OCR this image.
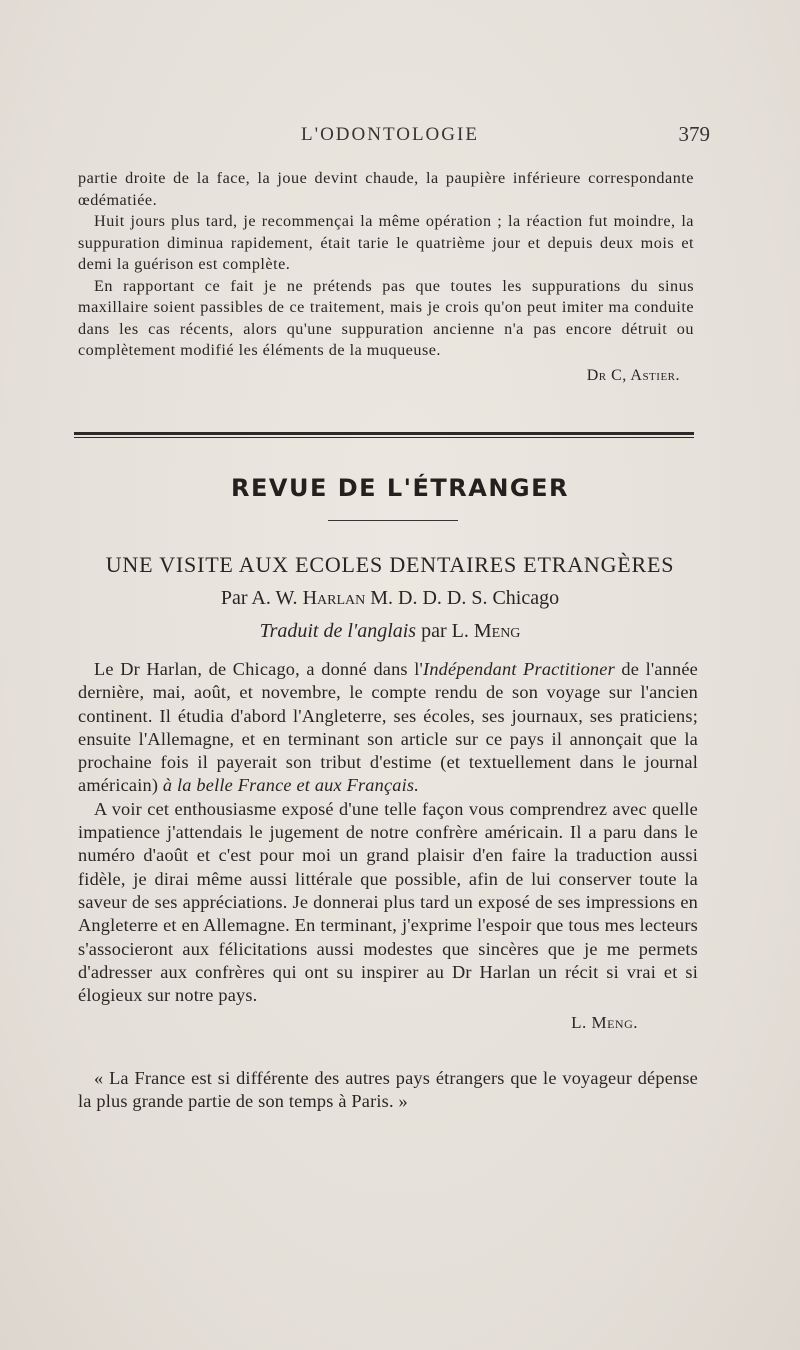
L'ODONTOLOGIE	379

partie droite de la face, la joue devint chaude, la paupière inférieure correspondante œdématiée.

Huit jours plus tard, je recommençai la même opération ; la réaction fut moindre, la suppuration diminua rapidement, était tarie le quatrième jour et depuis deux mois et demi la guérison est complète.

En rapportant ce fait je ne prétends pas que toutes les suppurations du sinus maxillaire soient passibles de ce traitement, mais je crois qu'on peut imiter ma conduite dans les cas récents, alors qu'une suppuration ancienne n'a pas encore détruit ou complètement modifié les éléments de la muqueuse.

Dr C, Astier.
REVUE DE L'ÉTRANGER
UNE VISITE AUX ECOLES DENTAIRES ETRANGÈRES
Par A. W. Harlan M. D. D. D. S. Chicago
Traduit de l'anglais par L. Meng

Le Dr Harlan, de Chicago, a donné dans l'Indépendant Practitioner de l'année dernière, mai, août, et novembre, le compte rendu de son voyage sur l'ancien continent. Il étudia d'abord l'Angleterre, ses écoles, ses journaux, ses praticiens; ensuite l'Allemagne, et en terminant son article sur ce pays il annonçait que la prochaine fois il payerait son tribut d'estime (et textuellement dans le journal américain) à la belle France et aux Français.

A voir cet enthousiasme exposé d'une telle façon vous comprendrez avec quelle impatience j'attendais le jugement de notre confrère américain. Il a paru dans le numéro d'août et c'est pour moi un grand plaisir d'en faire la traduction aussi fidèle, je dirai même aussi littérale que possible, afin de lui conserver toute la saveur de ses appréciations. Je donnerai plus tard un exposé de ses impressions en Angleterre et en Allemagne. En terminant, j'exprime l'espoir que tous mes lecteurs s'associeront aux félicitations aussi modestes que sincères que je me permets d'adresser aux confrères qui ont su inspirer au Dr Harlan un récit si vrai et si élogieux sur notre pays.

L. Meng.

« La France est si différente des autres pays étrangers que le voyageur dépense la plus grande partie de son temps à Paris. »
